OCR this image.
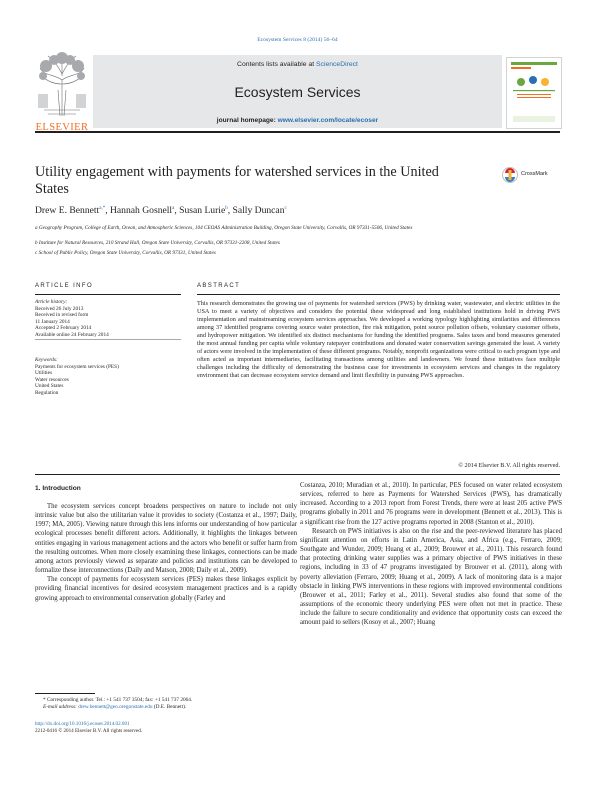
Ecosystem Services 8 (2014) 56–64
Contents lists available at ScienceDirect
Ecosystem Services
journal homepage: www.elsevier.com/locate/ecoser
ELSEVIER
Utility engagement with payments for watershed services in the United States
CrossMark
Drew E. Bennett$^{a,*}$, Hannah Gosnell$^a$, Susan Lurie$^b$, Sally Duncan$^c$
a Geography Program, College of Earth, Ocean, and Atmospheric Sciences, 104 CEOAS Administration Building, Oregon State University, Corvallis, OR 97331-5506, United States
b Institute for Natural Resources, 210 Strand Hall, Oregon State University, Corvallis, OR 97331-2208, United States
c School of Public Policy, Oregon State University, Corvallis, OR 97331, United States
ARTICLE INFO	ABSTRACT
Article history:
Received 26 July 2013
Received in revised form
11 January 2014
Accepted 2 February 2014
Available online 24 February 2014
Keywords:
Payments for ecosystem services (PES)
Utilities
Water resources
United States
Regulation
This research demonstrates the growing use of payments for watershed services (PWS) by drinking water, wastewater, and electric utilities in the USA to meet a variety of objectives and considers the potential these widespread and long established institutions hold in driving PWS implementation and mainstreaming ecosystem services approaches. We developed a working typology highlighting similarities and differences among 37 identified programs covering source water protection, fire risk mitigation, point source pollution offsets, voluntary customer offsets, and hydropower mitigation. We identified six distinct mechanisms for funding the identified programs. Sales taxes and bond measures generated the most annual funding per capita while voluntary ratepayer contributions and donated water conservation savings generated the least. A variety of actors were involved in the implementation of these different programs. Notably, nonprofit organizations were critical to each program type and often acted as important intermediaries, facilitating transactions among utilities and landowners. We found these initiatives face multiple challenges including the difficulty of demonstrating the business case for investments in ecosystem services and changes in the regulatory environment that can decrease ecosystem service demand and limit flexibility in pursuing PWS approaches.
© 2014 Elsevier B.V. All rights reserved.
1. Introduction

The ecosystem services concept broadens perspectives on nature to include not only intrinsic value but also the utilitarian value it provides to society (Costanza et al., 1997; Daily, 1997; MA, 2005). Viewing nature through this lens informs our understanding of how particular ecological processes benefit different actors. Additionally, it highlights the linkages between entities engaging in various management actions and the actors who benefit or suffer harm from the resulting outcomes. When more closely examining these linkages, connections can be made among actors previously viewed as separate and policies and institutions can be developed to formalize these interconnections (Daily and Matson, 2008; Daily et al., 2009).

The concept of payments for ecosystem services (PES) makes these linkages explicit by providing financial incentives for desired ecosystem management practices and is a rapidly growing approach to environmental conservation globally (Farley and

Costanza, 2010; Muradian et al., 2010). In particular, PES focused on water related ecosystem services, referred to here as Payments for Watershed Services (PWS), has dramatically increased. According to a 2013 report from Forest Trends, there were at least 205 active PWS programs globally in 2011 and 76 programs were in development (Bennett et al., 2013). This is a significant rise from the 127 active programs reported in 2008 (Stanton et al., 2010).

Research on PWS initiatives is also on the rise and the peer-reviewed literature has placed significant attention on efforts in Latin America, Asia, and Africa (e.g., Ferraro, 2009; Southgate and Wunder, 2009; Huang et al., 2009; Brouwer et al., 2011). This research found that protecting drinking water supplies was a primary objective of PWS initiatives in these regions, including in 33 of 47 programs investigated by Brouwer et al. (2011), along with poverty alleviation (Ferraro, 2009; Huang et al., 2009). A lack of monitoring data is a major obstacle in linking PWS interventions in these regions with improved environmental conditions (Brouwer et al., 2011; Farley et al., 2011). Several studies also found that some of the assumptions of the economic theory underlying PES were often not met in practice. These include the failure to secure conditionality and evidence that opportunity costs can exceed the amount paid to sellers (Kosoy et al., 2007; Huang

* Corresponding author. Tel.: +1 541 737 3504; fax: +1 541 737 2064.
E-mail address: drew.bennett@geo.oregonstate.edu (D.E. Bennett).
http://dx.doi.org/10.1016/j.ecoser.2014.02.001
2212-0416 © 2014 Elsevier B.V. All rights reserved.
